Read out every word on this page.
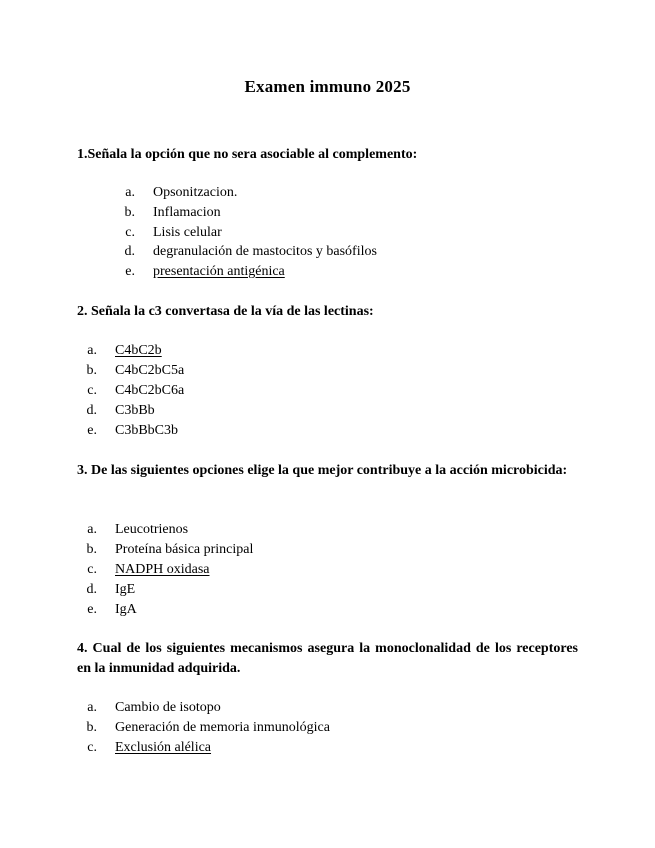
Examen immuno 2025
1.Señala la opción que no sera asociable al complemento:
a. Opsonitzacion.
b. Inflamacion
c. Lisis celular
d. degranulación de mastocitos y basófilos
e. presentación antigénica
2. Señala la c3 convertasa de la vía de las lectinas:
a. C4bC2b
b. C4bC2bC5a
c. C4bC2bC6a
d. C3bBb
e. C3bBbC3b
3. De las siguientes opciones elige la que mejor contribuye a la acción microbicida:
a. Leucotrienos
b. Proteína básica principal
c. NADPH oxidasa
d. IgE
e. IgA
4. Cual de los siguientes mecanismos asegura la monoclonalidad de los receptores en la inmunidad adquirida.
a. Cambio de isotopo
b. Generación de memoria inmunológica
c. Exclusión alélica
